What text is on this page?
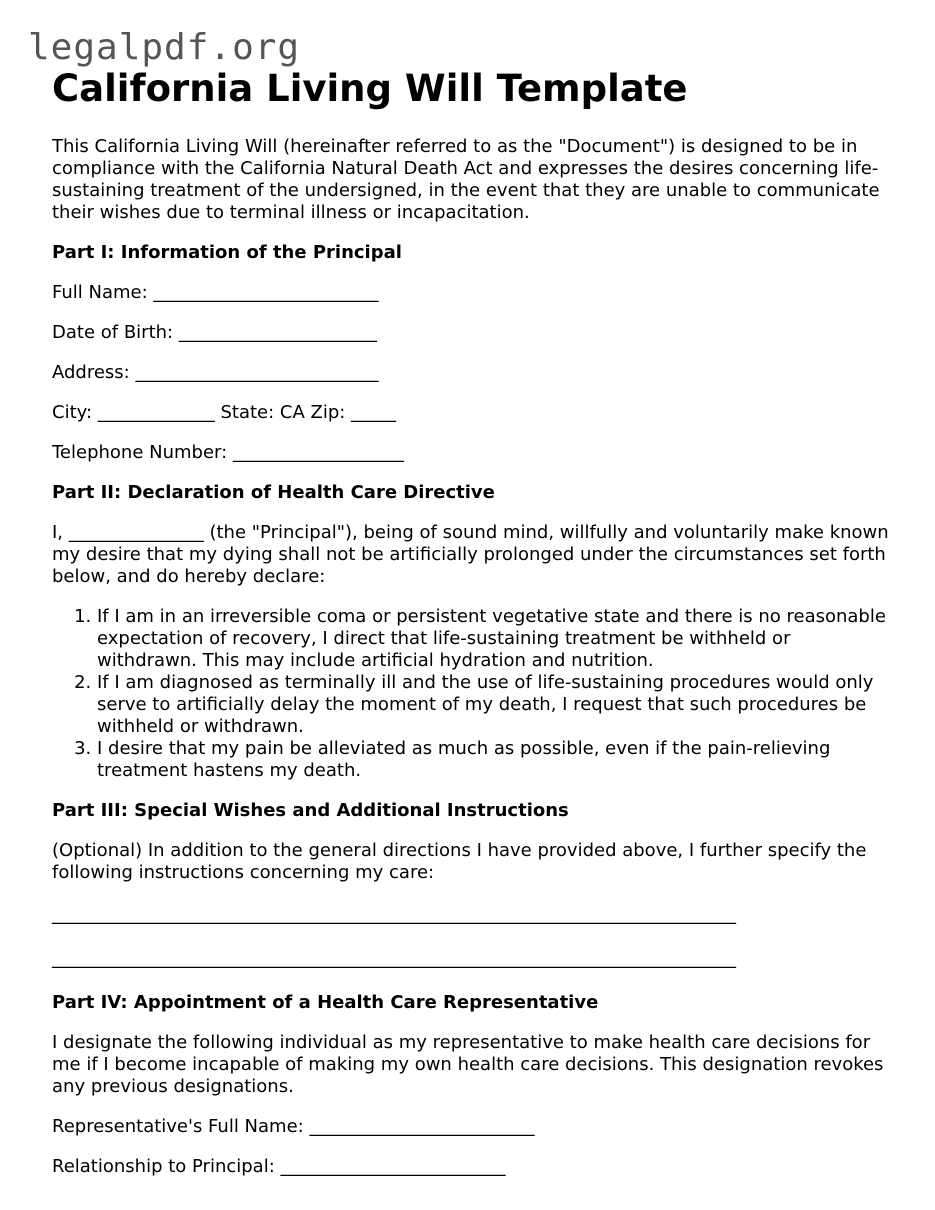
legalpdf.org
California Living Will Template

This California Living Will (hereinafter referred to as the "Document") is designed to be in compliance with the California Natural Death Act and expresses the desires concerning life-sustaining treatment of the undersigned, in the event that they are unable to communicate their wishes due to terminal illness or incapacitation.

Part I: Information of the Principal
Full Name: _________________________
Date of Birth: ______________________
Address: ___________________________
City: _____________ State: CA Zip: _____
Telephone Number: ___________________
Part II: Declaration of Health Care Directive

I, _______________ (the "Principal"), being of sound mind, willfully and voluntarily make known my desire that my dying shall not be artificially prolonged under the circumstances set forth below, and do hereby declare:

1. If I am in an irreversible coma or persistent vegetative state and there is no reasonable expectation of recovery, I direct that life-sustaining treatment be withheld or withdrawn. This may include artificial hydration and nutrition.
2. If I am diagnosed as terminally ill and the use of life-sustaining procedures would only serve to artificially delay the moment of my death, I request that such procedures be withheld or withdrawn.
3. I desire that my pain be alleviated as much as possible, even if the pain-relieving treatment hastens my death.
Part III: Special Wishes and Additional Instructions

(Optional) In addition to the general directions I have provided above, I further specify the following instructions concerning my care:

____________________________________________________________________________
____________________________________________________________________________
Part IV: Appointment of a Health Care Representative

I designate the following individual as my representative to make health care decisions for me if I become incapable of making my own health care decisions. This designation revokes any previous designations.

Representative's Full Name: _________________________
Relationship to Principal: _________________________
